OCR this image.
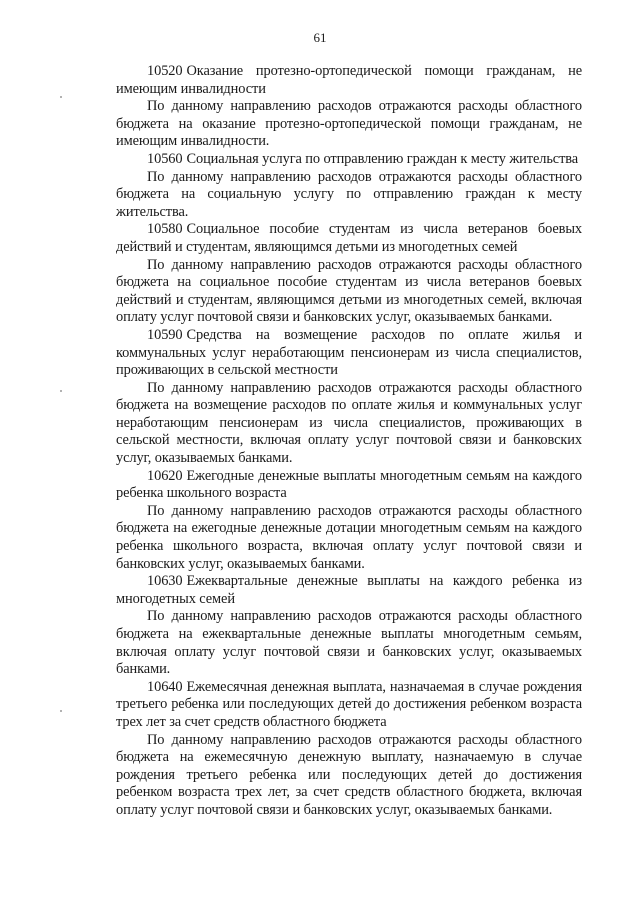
61

10520 Оказание протезно-ортопедической помощи гражданам, не имеющим инвалидности

По данному направлению расходов отражаются расходы областного бюджета на оказание протезно-ортопедической помощи гражданам, не имеющим инвалидности.

10560 Социальная услуга по отправлению граждан к месту жительства

По данному направлению расходов отражаются расходы областного бюджета на социальную услугу по отправлению граждан к месту жительства.

10580 Социальное пособие студентам из числа ветеранов боевых действий и студентам, являющимся детьми из многодетных семей

По данному направлению расходов отражаются расходы областного бюджета на социальное пособие студентам из числа ветеранов боевых действий и студентам, являющимся детьми из многодетных семей, включая оплату услуг почтовой связи и банковских услуг, оказываемых банками.

10590 Средства на возмещение расходов по оплате жилья и коммунальных услуг неработающим пенсионерам из числа специалистов, проживающих в сельской местности

По данному направлению расходов отражаются расходы областного бюджета на возмещение расходов по оплате жилья и коммунальных услуг неработающим пенсионерам из числа специалистов, проживающих в сельской местности, включая оплату услуг почтовой связи и банковских услуг, оказываемых банками.

10620 Ежегодные денежные выплаты многодетным семьям на каждого ребенка школьного возраста

По данному направлению расходов отражаются расходы областного бюджета на ежегодные денежные дотации многодетным семьям на каждого ребенка школьного возраста, включая оплату услуг почтовой связи и банковских услуг, оказываемых банками.

10630 Ежеквартальные денежные выплаты на каждого ребенка из многодетных семей

По данному направлению расходов отражаются расходы областного бюджета на ежеквартальные денежные выплаты многодетным семьям, включая оплату услуг почтовой связи и банковских услуг, оказываемых банками.

10640 Ежемесячная денежная выплата, назначаемая в случае рождения третьего ребенка или последующих детей до достижения ребенком возраста трех лет за счет средств областного бюджета

По данному направлению расходов отражаются расходы областного бюджета на ежемесячную денежную выплату, назначаемую в случае рождения третьего ребенка или последующих детей до достижения ребенком возраста трех лет, за счет средств областного бюджета, включая оплату услуг почтовой связи и банковских услуг, оказываемых банками.
